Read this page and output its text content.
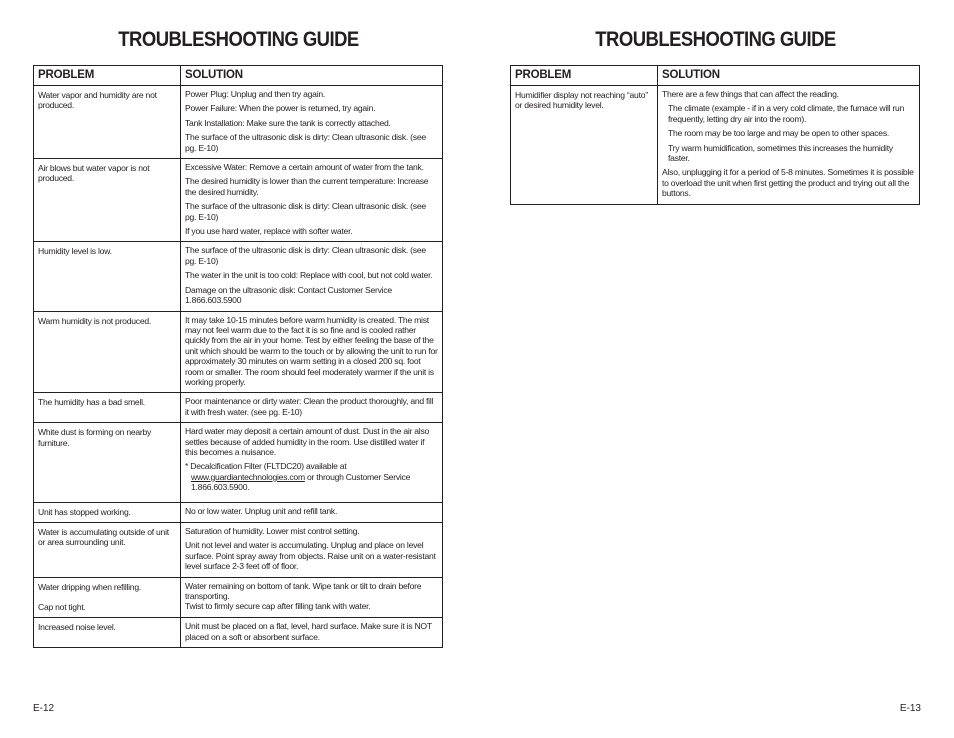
TROUBLESHOOTING GUIDE
PROBLEM	SOLUTION
Water vapor and humidity are not produced.	Power Plug: Unplug and then try again.
Power Failure: When the power is returned, try again.
Tank Installation: Make sure the tank is correctly attached.
The surface of the ultrasonic disk is dirty: Clean ultrasonic disk. (see pg. E-10)

Air blows but water vapor is not produced.	Excessive Water: Remove a certain amount of water from the tank.
The desired humidity is lower than the current temperature: Increase the desired humidity.
The surface of the ultrasonic disk is dirty: Clean ultrasonic disk. (see pg. E-10)
If you use hard water, replace with softer water.

Humidity level is low.	The surface of the ultrasonic disk is dirty: Clean ultrasonic disk. (see pg. E-10)
The water in the unit is too cold: Replace with cool, but not cold water.
Damage on the ultrasonic disk: Contact Customer Service 1.866.603.5900

Warm humidity is not produced.	It may take 10-15 minutes before warm humidity is created. The mist may not feel warm due to the fact it is so fine and is cooled rather quickly from the air in your home. Test by either feeling the base of the unit which should be warm to the touch or by allowing the unit to run for approximately 30 minutes on warm setting in a closed 200 sq. foot room or smaller. The room should feel moderately warmer if the unit is working properly.

The humidity has a bad smell.	Poor maintenance or dirty water: Clean the product thoroughly, and fill it with fresh water. (see pg. E-10)

White dust is forming on nearby furniture.	Hard water may deposit a certain amount of dust. Dust in the air also settles because of added humidity in the room. Use distilled water if this becomes a nuisance.
* Decalcification Filter (FLTDC20) available at www.guardiantechnologies.com or through Customer Service 1.866.603.5900.

Unit has stopped working.	No or low water. Unplug unit and refill tank.

Water is accumulating outside of unit or area surrounding unit.	Saturation of humidity. Lower mist control setting.
Unit not level and water is accumulating. Unplug and place on level surface. Point spray away from objects. Raise unit on a water-resistant level surface 2-3 feet off of floor.

Water dripping when refilling.
Cap not tight.	Water remaining on bottom of tank. Wipe tank or tilt to drain before transporting.
Twist to firmly secure cap after filling tank with water.

Increased noise level.	Unit must be placed on a flat, level, hard surface. Make sure it is NOT placed on a soft or absorbent surface.
E-12
TROUBLESHOOTING GUIDE
PROBLEM	SOLUTION
Humidifier display not reaching “auto” or desired humidity level.	There are a few things that can affect the reading.
The climate (example - if in a very cold climate, the furnace will run frequently, letting dry air into the room).
The room may be too large and may be open to other spaces.
Try warm humidification, sometimes this increases the humidity faster.
Also, unplugging it for a period of 5-8 minutes. Sometimes it is possible to overload the unit when first getting the product and trying out all the buttons.
E-13
